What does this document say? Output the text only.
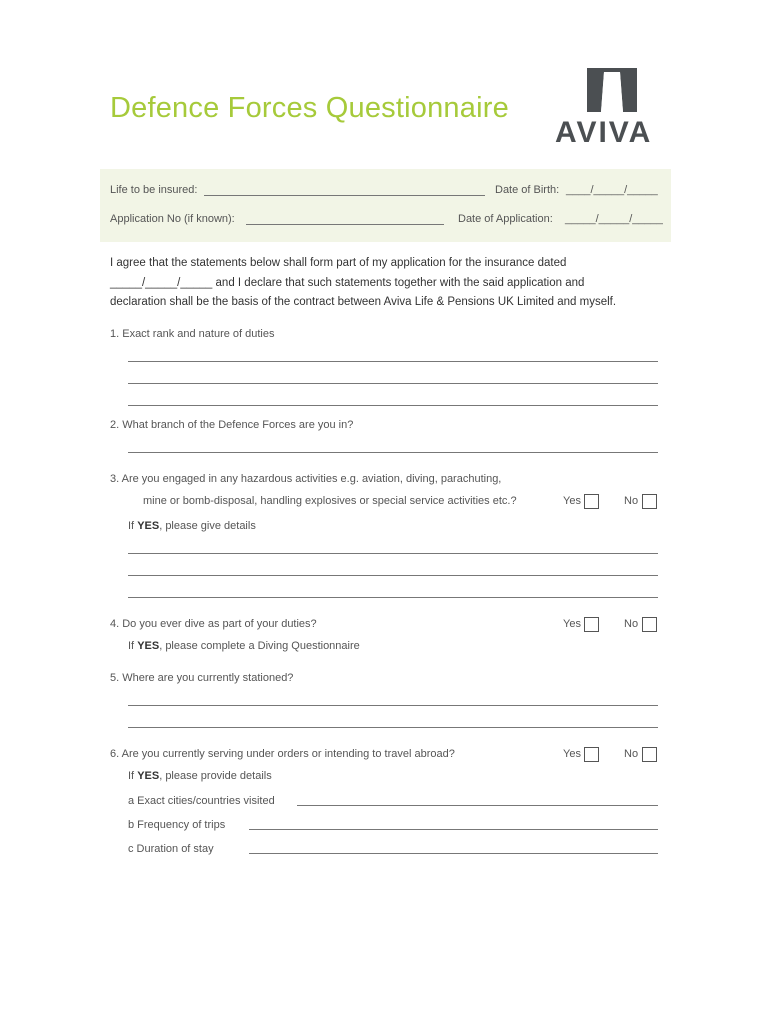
Defence Forces Questionnaire
AVIVA
Life to be insured:	Date of Birth: ____/_____/_____
Application No (if known):	Date of Application: _____/_____/_____
I agree that the statements below shall form part of my application for the insurance dated
_____/_____/_____ and I declare that such statements together with the said application and
declaration shall be the basis of the contract between Aviva Life & Pensions UK Limited and myself.
1. Exact rank and nature of duties
2. What branch of the Defence Forces are you in?
3. Are you engaged in any hazardous activities e.g. aviation, diving, parachuting,
mine or bomb-disposal, handling explosives or special service activities etc.?	Yes	No
If YES, please give details
4. Do you ever dive as part of your duties?	Yes	No
If YES, please complete a Diving Questionnaire
5. Where are you currently stationed?
6. Are you currently serving under orders or intending to travel abroad?	Yes	No
If YES, please provide details
a Exact cities/countries visited
b Frequency of trips
c Duration of stay
